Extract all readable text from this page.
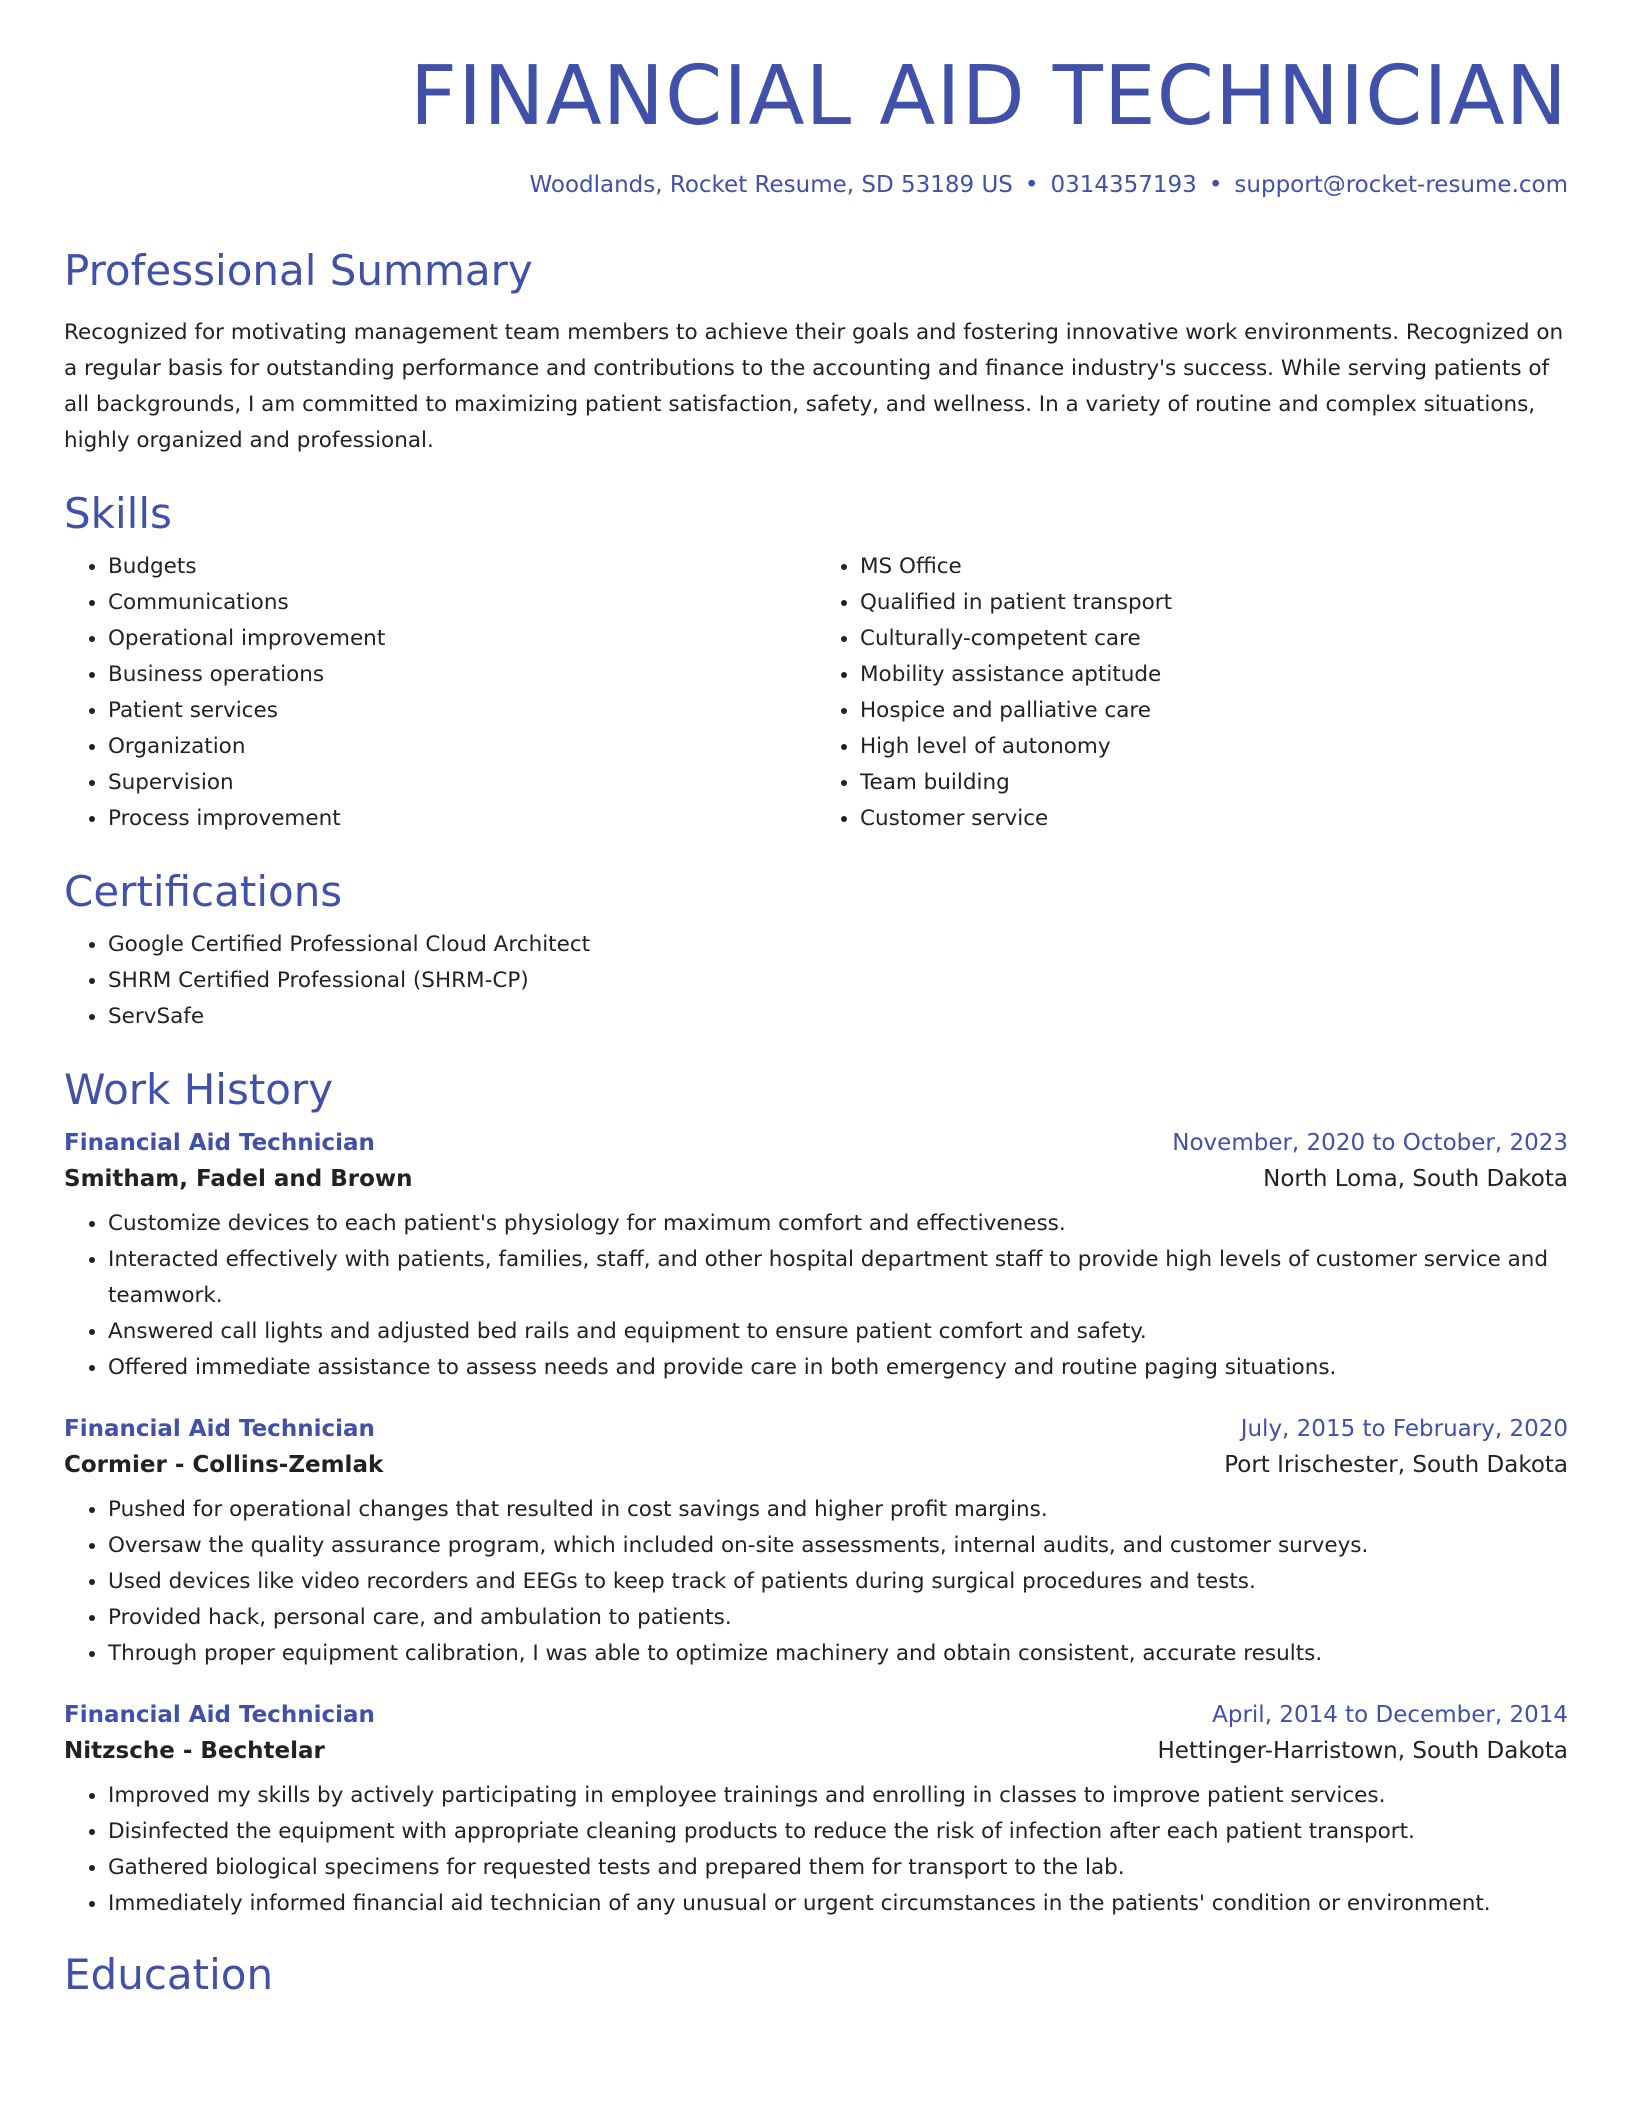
FINANCIAL AID TECHNICIAN
Woodlands, Rocket Resume, SD 53189 US • 0314357193 • support@rocket-resume.com
Professional Summary

Recognized for motivating management team members to achieve their goals and fostering innovative work environments. Recognized on a regular basis for outstanding performance and contributions to the accounting and finance industry's success. While serving patients of all backgrounds, I am committed to maximizing patient satisfaction, safety, and wellness. In a variety of routine and complex situations, highly organized and professional.

Skills
• Budgets
• Communications
• Operational improvement
• Business operations
• Patient services
• Organization
• Supervision
• Process improvement
• MS Office
• Qualified in patient transport
• Culturally-competent care
• Mobility assistance aptitude
• Hospice and palliative care
• High level of autonomy
• Team building
• Customer service
Certifications
• Google Certified Professional Cloud Architect
• SHRM Certified Professional (SHRM-CP)
• ServSafe
Work History
Financial Aid Technician	November, 2020 to October, 2023
Smitham, Fadel and Brown	North Loma, South Dakota
• Customize devices to each patient's physiology for maximum comfort and effectiveness.
• Interacted effectively with patients, families, staff, and other hospital department staff to provide high levels of customer service and teamwork.
• Answered call lights and adjusted bed rails and equipment to ensure patient comfort and safety.
• Offered immediate assistance to assess needs and provide care in both emergency and routine paging situations.
Financial Aid Technician	July, 2015 to February, 2020
Cormier - Collins-Zemlak	Port Irischester, South Dakota
• Pushed for operational changes that resulted in cost savings and higher profit margins.
• Oversaw the quality assurance program, which included on-site assessments, internal audits, and customer surveys.
• Used devices like video recorders and EEGs to keep track of patients during surgical procedures and tests.
• Provided hack, personal care, and ambulation to patients.
• Through proper equipment calibration, I was able to optimize machinery and obtain consistent, accurate results.
Financial Aid Technician	April, 2014 to December, 2014
Nitzsche - Bechtelar	Hettinger-Harristown, South Dakota
• Improved my skills by actively participating in employee trainings and enrolling in classes to improve patient services.
• Disinfected the equipment with appropriate cleaning products to reduce the risk of infection after each patient transport.
• Gathered biological specimens for requested tests and prepared them for transport to the lab.
• Immediately informed financial aid technician of any unusual or urgent circumstances in the patients' condition or environment.
Education
